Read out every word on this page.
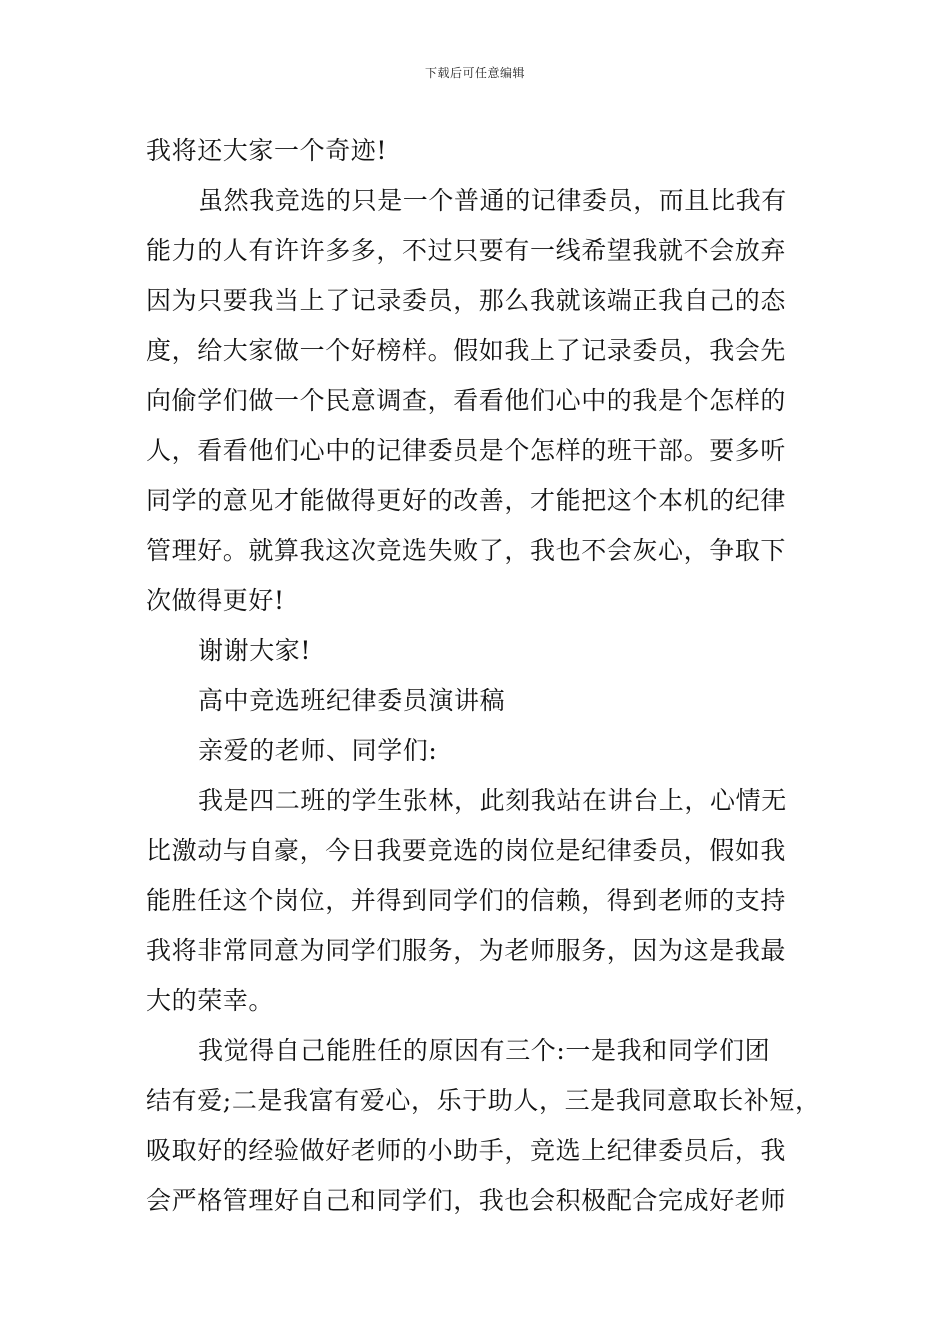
下载后可任意编辑
我将还大家一个奇迹!
虽然我竞选的只是一个普通的记律委员，而且比我有
能力的人有许许多多，不过只要有一线希望我就不会放弃
因为只要我当上了记录委员，那么我就该端正我自己的态
度，给大家做一个好榜样。假如我上了记录委员，我会先
向偷学们做一个民意调查，看看他们心中的我是个怎样的
人，看看他们心中的记律委员是个怎样的班干部。要多听
同学的意见才能做得更好的改善，才能把这个本机的纪律
管理好。就算我这次竞选失败了，我也不会灰心，争取下
次做得更好!
谢谢大家!
高中竞选班纪律委员演讲稿
亲爱的老师、同学们:
我是四二班的学生张林，此刻我站在讲台上，心情无
比激动与自豪，今日我要竞选的岗位是纪律委员，假如我
能胜任这个岗位，并得到同学们的信赖，得到老师的支持
我将非常同意为同学们服务，为老师服务，因为这是我最
大的荣幸。
我觉得自己能胜任的原因有三个:一是我和同学们团
结有爱;二是我富有爱心，乐于助人，三是我同意取长补短，
吸取好的经验做好老师的小助手，竞选上纪律委员后，我
会严格管理好自己和同学们，我也会积极配合完成好老师
